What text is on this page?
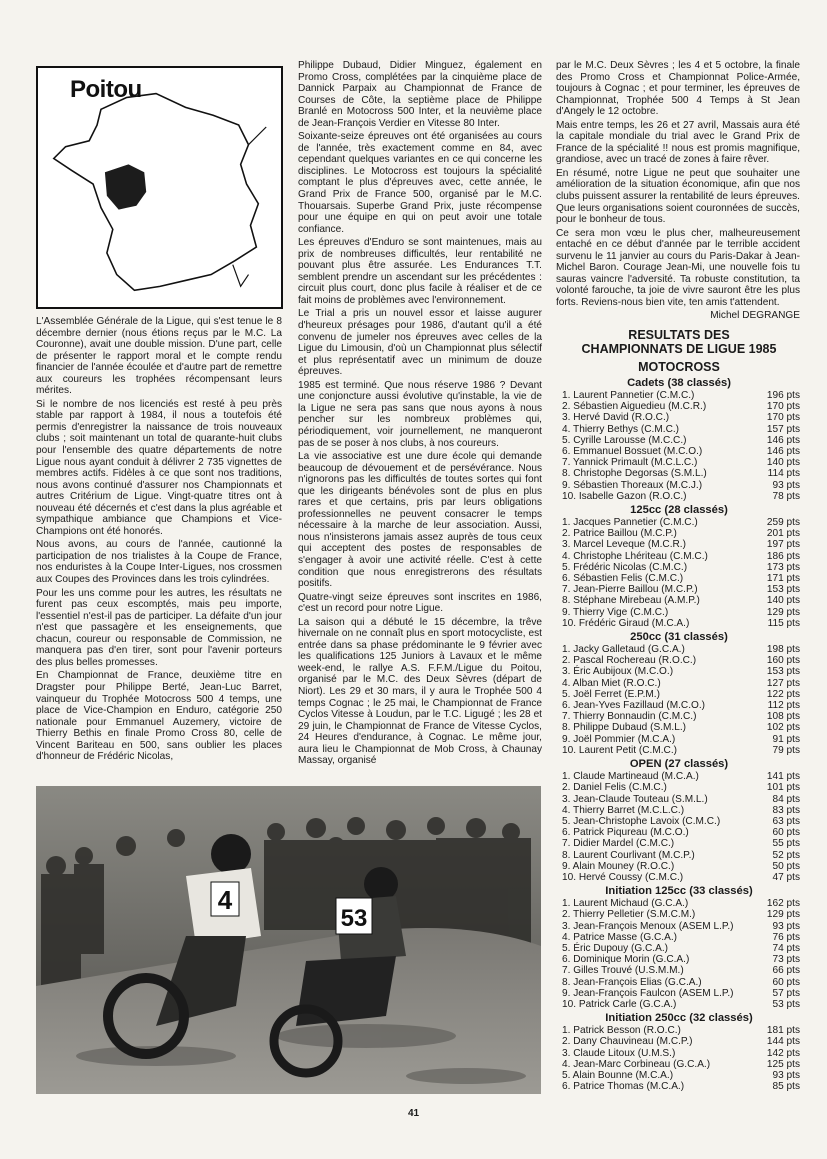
Poitou

L'Assemblée Générale de la Ligue, qui s'est tenue le 8 décembre dernier (nous étions reçus par le M.C. La Couronne), avait une double mission. D'une part, celle de présenter le rapport moral et le compte rendu financier de l'année écoulée et d'autre part de remettre aux coureurs les trophées récompensant leurs mérites.

Si le nombre de nos licenciés est resté à peu près stable par rapport à 1984, il nous a toutefois été permis d'enregistrer la naissance de trois nouveaux clubs ; soit maintenant un total de quarante-huit clubs pour l'ensemble des quatre départements de notre Ligue nous ayant conduit à délivrer 2 735 vignettes de membres actifs. Fidèles à ce que sont nos traditions, nous avons continué d'assurer nos Championnats et autres Critérium de Ligue. Vingt-quatre titres ont à nouveau été décernés et c'est dans la plus agréable et sympathique ambiance que Champions et Vice-Champions ont été honorés.

Nous avons, au cours de l'année, cautionné la participation de nos trialistes à la Coupe de France, nos enduristes à la Coupe Inter-Ligues, nos crossmen aux Coupes des Provinces dans les trois cylindrées.

Pour les uns comme pour les autres, les résultats ne furent pas ceux escomptés, mais peu importe, l'essentiel n'est-il pas de participer. La défaite d'un jour n'est que passagère et les enseignements, que chacun, coureur ou responsable de Commission, ne manquera pas d'en tirer, sont pour l'avenir porteurs des plus belles promesses.

En Championnat de France, deuxième titre en Dragster pour Philippe Berté, Jean-Luc Barret, vainqueur du Trophée Motocross 500 4 temps, une place de Vice-Champion en Enduro, catégorie 250 nationale pour Emmanuel Auzemery, victoire de Thierry Bethis en finale Promo Cross 80, celle de Vincent Bariteau en 500, sans oublier les places d'honneur de Frédéric Nicolas,

Philippe Dubaud, Didier Minguez, également en Promo Cross, complétées par la cinquième place de Dannick Parpaix au Championnat de France de Courses de Côte, la septième place de Philippe Branlé en Motocross 500 Inter, et la neuvième place de Jean-François Verdier en Vitesse 80 Inter.

Soixante-seize épreuves ont été organisées au cours de l'année, très exactement comme en 84, avec cependant quelques variantes en ce qui concerne les disciplines. Le Motocross est toujours la spécialité comptant le plus d'épreuves avec, cette année, le Grand Prix de France 500, organisé par le M.C. Thouarsais. Superbe Grand Prix, juste récompense pour une équipe en qui on peut avoir une totale confiance.

Les épreuves d'Enduro se sont maintenues, mais au prix de nombreuses difficultés, leur rentabilité ne pouvant plus être assurée. Les Endurances T.T. semblent prendre un ascendant sur les précédentes : circuit plus court, donc plus facile à réaliser et de ce fait moins de problèmes avec l'environnement.

Le Trial a pris un nouvel essor et laisse augurer d'heureux présages pour 1986, d'autant qu'il a été convenu de jumeler nos épreuves avec celles de la Ligue du Limousin, d'où un Championnat plus sélectif et plus représentatif avec un minimum de douze épreuves.

1985 est terminé. Que nous réserve 1986 ? Devant une conjoncture aussi évolutive qu'instable, la vie de la Ligue ne sera pas sans que nous ayons à nous pencher sur les nombreux problèmes qui, périodiquement, voir journellement, ne manqueront pas de se poser à nos clubs, à nos coureurs.

La vie associative est une dure école qui demande beaucoup de dévouement et de persévérance. Nous n'ignorons pas les difficultés de toutes sortes qui font que les dirigeants bénévoles sont de plus en plus rares et que certains, pris par leurs obligations professionnelles ne peuvent consacrer le temps nécessaire à la marche de leur association. Aussi, nous n'insisterons jamais assez auprès de tous ceux qui acceptent des postes de responsables de s'engager à avoir une activité réelle. C'est à cette condition que nous enregistrerons des résultats positifs.

Quatre-vingt seize épreuves sont inscrites en 1986, c'est un record pour notre Ligue.

La saison qui a débuté le 15 décembre, la trêve hivernale on ne connaît plus en sport motocycliste, est entrée dans sa phase prédominante le 9 février avec les qualifications 125 Juniors à Lavaux et le même week-end, le rallye A.S. F.F.M./Ligue du Poitou, organisé par le M.C. des Deux Sèvres (départ de Niort). Les 29 et 30 mars, il y aura le Trophée 500 4 temps Cognac ; le 25 mai, le Championnat de France Cyclos Vitesse à Loudun, par le T.C. Ligugé ; les 28 et 29 juin, le Championnat de France de Vitesse Cyclos, 24 Heures d'endurance, à Cognac. Le même jour, aura lieu le Championnat de Mob Cross, à Chaunay Massay, organisé

par le M.C. Deux Sèvres ; les 4 et 5 octobre, la finale des Promo Cross et Championnat Police-Armée, toujours à Cognac ; et pour terminer, les épreuves de Championnat, Trophée 500 4 Temps à St Jean d'Angely le 12 octobre.

Mais entre temps, les 26 et 27 avril, Massais aura été la capitale mondiale du trial avec le Grand Prix de France de la spécialité !! nous est promis magnifique, grandiose, avec un tracé de zones à faire rêver.

En résumé, notre Ligue ne peut que souhaiter une amélioration de la situation économique, afin que nos clubs puissent assurer la rentabilité de leurs épreuves. Que leurs organisations soient couronnées de succès, pour le bonheur de tous.

Ce sera mon vœu le plus cher, malheureusement entaché en ce début d'année par le terrible accident survenu le 11 janvier au cours du Paris-Dakar à Jean-Michel Baron. Courage Jean-Mi, une nouvelle fois tu sauras vaincre l'adversité. Ta robuste constitution, ta volonté farouche, ta joie de vivre sauront être les plus forts. Reviens-nous bien vite, ten amis t'attendent.

Michel DEGRANGE

RESULTATS DES
CHAMPIONNATS DE LIGUE 1985
MOTOCROSS
Cadets (38 classés)
1. Laurent Pannetier (C.M.C.)	196 pts
2. Sébastien Aiguedieu (M.C.R.)	170 pts
3. Hervé David (R.O.C.)	170 pts
4. Thierry Bethys (C.M.C.)	157 pts
5. Cyrille Larousse (M.C.C.)	146 pts
6. Emmanuel Bossuet (M.C.O.)	146 pts
7. Yannick Primault (M.C.L.C.)	140 pts
8. Christophe Degorsas (S.M.L.)	114 pts
9. Sébastien Thoreaux (M.C.J.)	93 pts
10. Isabelle Gazon (R.O.C.)	78 pts
125cc (28 classés)
1. Jacques Pannetier (C.M.C.)	259 pts
2. Patrice Baillou (M.C.P.)	201 pts
3. Marcel Leveque (M.C.R.)	197 pts
4. Christophe Lhériteau (C.M.C.)	186 pts
5. Frédéric Nicolas (C.M.C.)	173 pts
6. Sébastien Felis (C.M.C.)	171 pts
7. Jean-Pierre Baillou (M.C.P.)	153 pts
8. Stéphane Mirebeau (A.M.P.)	140 pts
9. Thierry Vige (C.M.C.)	129 pts
10. Frédéric Giraud (M.C.A.)	115 pts
250cc (31 classés)
1. Jacky Galletaud (G.C.A.)	198 pts
2. Pascal Rochereau (R.O.C.)	160 pts
3. Éric Aubijoux (M.C.O.)	153 pts
4. Alban Miet (R.O.C.)	127 pts
5. Joël Ferret (E.P.M.)	122 pts
6. Jean-Yves Fazillaud (M.C.O.)	112 pts
7. Thierry Bonnaudin (C.M.C.)	108 pts
8. Philippe Dubaud (S.M.L.)	102 pts
9. Joël Pommier (M.C.A.)	91 pts
10. Laurent Petit (C.M.C.)	79 pts
OPEN (27 classés)
1. Claude Martineaud (M.C.A.)	141 pts
2. Daniel Felis (C.M.C.)	101 pts
3. Jean-Claude Touteau (S.M.L.)	84 pts
4. Thierry Barret (M.C.L.C.)	83 pts
5. Jean-Christophe Lavoix (C.M.C.)	63 pts
6. Patrick Piqureau (M.C.O.)	60 pts
7. Didier Mardel (C.M.C.)	55 pts
8. Laurent Courlivant (M.C.P.)	52 pts
9. Alain Mouney (R.O.C.)	50 pts
10. Hervé Coussy (C.M.C.)	47 pts
Initiation 125cc (33 classés)
1. Laurent Michaud (G.C.A.)	162 pts
2. Thierry Pelletier (S.M.C.M.)	129 pts
3. Jean-François Menoux (ASEM L.P.)	93 pts
4. Patrice Masse (G.C.A.)	76 pts
5. Éric Dupouy (G.C.A.)	74 pts
6. Dominique Morin (G.C.A.)	73 pts
7. Gilles Trouvé (U.S.M.M.)	66 pts
8. Jean-François Elias (G.C.A.)	60 pts
9. Jean-François Faulcon (ASEM L.P.)	57 pts
10. Patrick Carle (G.C.A.)	53 pts
Initiation 250cc (32 classés)
1. Patrick Besson (R.O.C.)	181 pts
2. Dany Chauvineau (M.C.P.)	144 pts
3. Claude Litoux (U.M.S.)	142 pts
4. Jean-Marc Corbineau (G.C.A.)	125 pts
5. Alain Bounne (M.C.A.)	93 pts
6. Patrice Thomas (M.C.A.)	85 pts
4
53
41
